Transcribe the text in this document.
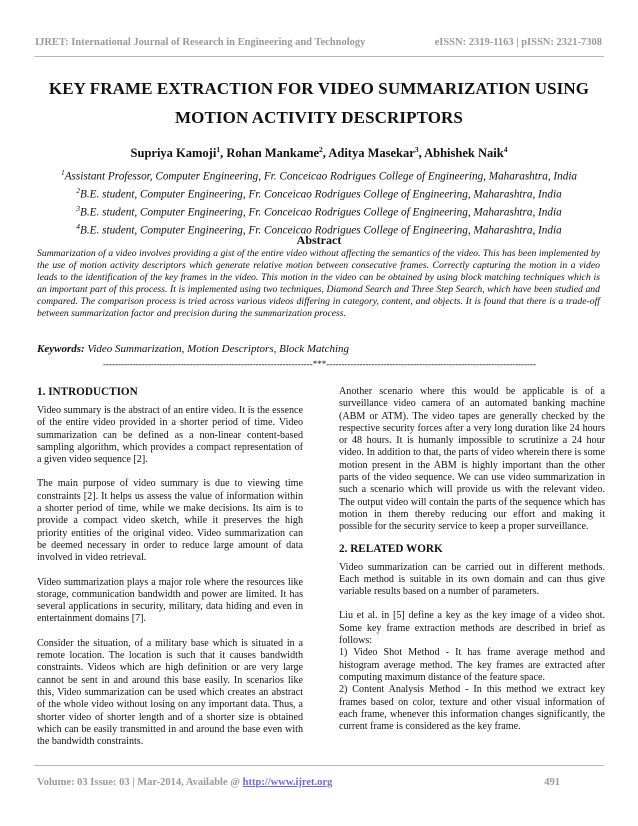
IJRET: International Journal of Research in Engineering and Technology	eISSN: 2319-1163 | pISSN: 2321-7308
KEY FRAME EXTRACTION FOR VIDEO SUMMARIZATION USING
MOTION ACTIVITY DESCRIPTORS
Supriya Kamoji$^1$, Rohan Mankame$^2$, Aditya Masekar$^3$, Abhishek Naik$^4$
$^1$Assistant Professor, Computer Engineering, Fr. Conceicao Rodrigues College of Engineering, Maharashtra, India
$^2$B.E. student, Computer Engineering, Fr. Conceicao Rodrigues College of Engineering, Maharashtra, India
$^3$B.E. student, Computer Engineering, Fr. Conceicao Rodrigues College of Engineering, Maharashtra, India
$^4$B.E. student, Computer Engineering, Fr. Conceicao Rodrigues College of Engineering, Maharashtra, India
Abstract
Summarization of a video involves providing a gist of the entire video without affecting the semantics of the video. This has been implemented by the use of motion activity descriptors which generate relative motion between consecutive frames. Correctly capturing the motion in a video leads to the identification of the key frames in the video. This motion in the video can be obtained by using block matching techniques which is an important part of this process. It is implemented using two techniques, Diamond Search and Three Step Search, which have been studied and compared. The comparison process is tried across various videos differing in category, content, and objects. It is found that there is a trade-off between summarization factor and precision during the summarization process.
Keywords: Video Summarization, Motion Descriptors, Block Matching
----------------------------------------------------------------------***----------------------------------------------------------------------
1. INTRODUCTION

Video summary is the abstract of an entire video. It is the essence of the entire video provided in a shorter period of time. Video summarization can be defined as a non-linear content-based sampling algorithm, which provides a compact representation of a given video sequence [2].

The main purpose of video summary is due to viewing time constraints [2]. It helps us assess the value of information within a shorter period of time, while we make decisions. Its aim is to provide a compact video sketch, while it preserves the high priority entities of the original video. Video summarization can be deemed necessary in order to reduce large amount of data involved in video retrieval.

Video summarization plays a major role where the resources like storage, communication bandwidth and power are limited. It has several applications in security, military, data hiding and even in entertainment domains [7].

Consider the situation, of a military base which is situated in a remote location. The location is such that it causes bandwidth constraints. Videos which are high definition or are very large cannot be sent in and around this base easily. In scenarios like this, Video summarization can be used which creates an abstract of the whole video without losing on any important data. Thus, a shorter video of shorter length and of a shorter size is obtained which can be easily transmitted in and around the base even with the bandwidth constraints.

Another scenario where this would be applicable is of a surveillance video camera of an automated banking machine (ABM or ATM). The video tapes are generally checked by the respective security forces after a very long duration like 24 hours or 48 hours. It is humanly impossible to scrutinize a 24 hour video. In addition to that, the parts of video wherein there is some motion present in the ABM is highly important than the other parts of the video sequence. We can use video summarization in such a scenario which will provide us with the relevant video. The output video will contain the parts of the sequence which has motion in them thereby reducing our effort and making it possible for the security service to keep a proper surveillance.

2. RELATED WORK

Video summarization can be carried out in different methods. Each method is suitable in its own domain and can thus give variable results based on a number of parameters.

Liu et al. in [5] define a key as the key image of a video shot. Some key frame extraction methods are described in brief as follows:

1) Video Shot Method - It has frame average method and histogram average method. The key frames are extracted after computing maximum distance of the feature space.

2) Content Analysis Method - In this method we extract key frames based on color, texture and other visual information of each frame, whenever this information changes significantly, the current frame is considered as the key frame.

Volume: 03 Issue: 03 | Mar-2014, Available @ http://www.ijret.org	491
